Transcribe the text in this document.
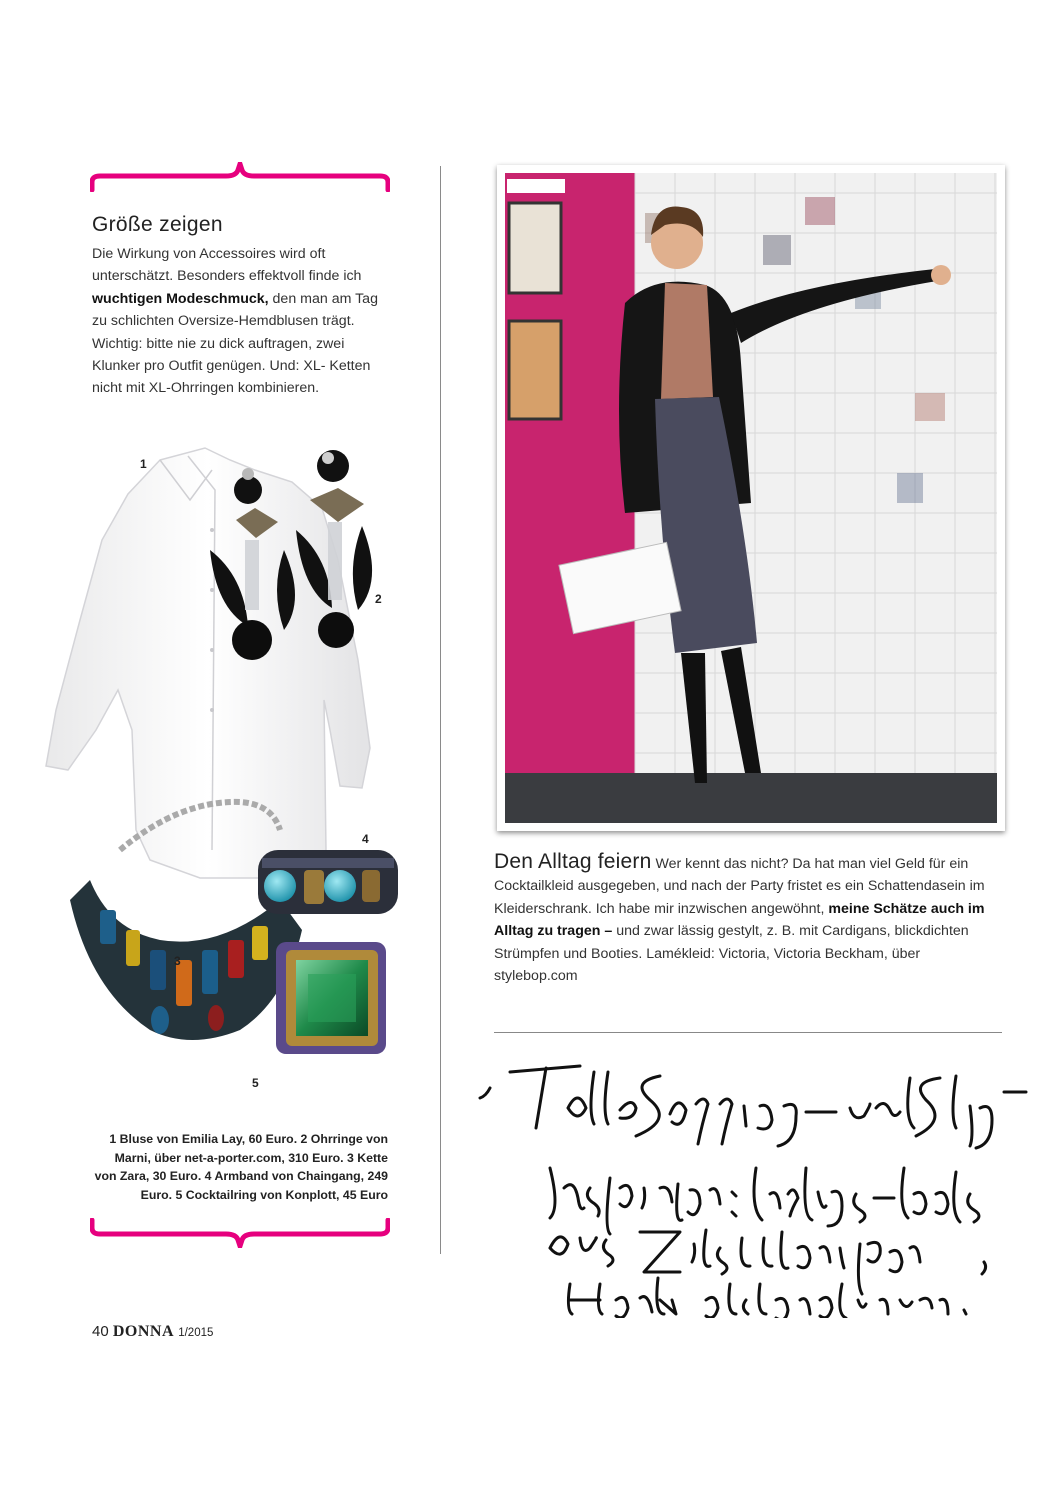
Größe zeigen
Die Wirkung von Accessoires wird oft unterschätzt. Besonders effektvoll finde ich wuchtigen Modeschmuck, den man am Tag zu schlichten Oversize-Hemdblusen trägt. Wichtig: bitte nie zu dick auftragen, zwei Klunker pro Outfit genügen. Und: XL- Ketten nicht mit XL-Ohrringen kombinieren.
1
2
3
4
5
1 Bluse von Emilia Lay, 60 Euro. 2 Ohrringe von Marni, über net-a-porter.com, 310 Euro. 3 Kette von Zara, 30 Euro. 4 Armband von Chaingang, 249 Euro. 5 Cocktailring von Konplott, 45 Euro
Den Alltag feiern Wer kennt das nicht? Da hat man viel Geld für ein Cocktailkleid ausgegeben, und nach der Party fristet es ein Schattendasein im Kleiderschrank. Ich habe mir inzwischen angewöhnt, meine Schätze auch im Alltag zu tragen – und zwar lässig gestylt, z. B. mit Cardigans, blickdichten Strümpfen und Booties. Lamékleid: Victoria, Victoria Beckham, über stylebop.com
40 DONNA 1/2015
